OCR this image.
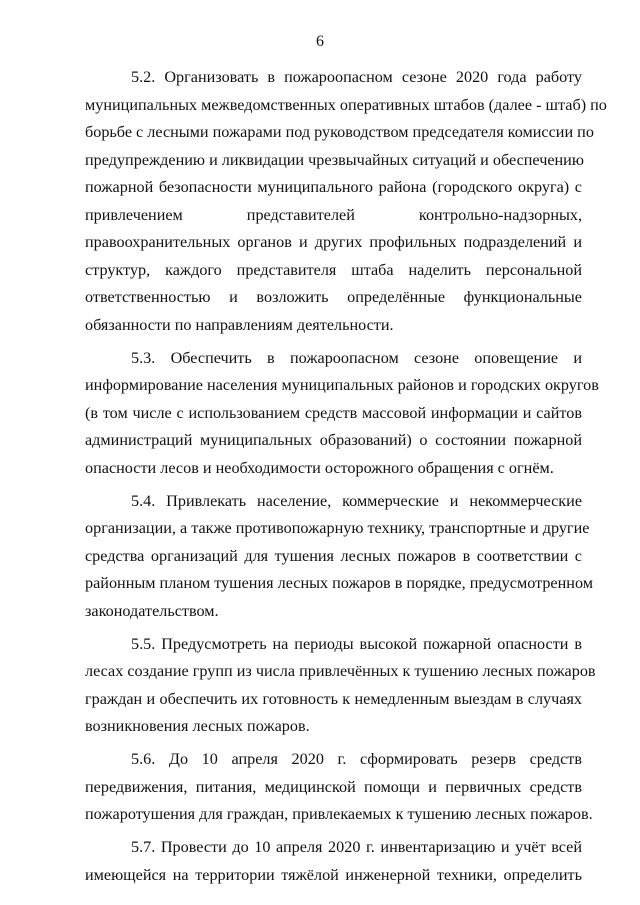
6
5.2. Организовать в пожароопасном сезоне 2020 года работу
муниципальных межведомственных оперативных штабов (далее - штаб) по
борьбе с лесными пожарами под руководством председателя комиссии по
предупреждению и ликвидации чрезвычайных ситуаций и обеспечению
пожарной безопасности муниципального района (городского округа) с
привлечением представителей контрольно-надзорных,
правоохранительных органов и других профильных подразделений и
структур, каждого представителя штаба наделить персональной
ответственностью и возложить определённые функциональные
обязанности по направлениям деятельности.
5.3. Обеспечить в пожароопасном сезоне оповещение и
информирование населения муниципальных районов и городских округов
(в том числе с использованием средств массовой информации и сайтов
администраций муниципальных образований) о состоянии пожарной
опасности лесов и необходимости осторожного обращения с огнём.
5.4. Привлекать население, коммерческие и некоммерческие
организации, а также противопожарную технику, транспортные и другие
средства организаций для тушения лесных пожаров в соответствии с
районным планом тушения лесных пожаров в порядке, предусмотренном
законодательством.
5.5. Предусмотреть на периоды высокой пожарной опасности в
лесах создание групп из числа привлечённых к тушению лесных пожаров
граждан и обеспечить их готовность к немедленным выездам в случаях
возникновения лесных пожаров.
5.6. До 10 апреля 2020 г. сформировать резерв средств
передвижения, питания, медицинской помощи и первичных средств
пожаротушения для граждан, привлекаемых к тушению лесных пожаров.
5.7. Провести до 10 апреля 2020 г. инвентаризацию и учёт всей
имеющейся на территории тяжёлой инженерной техники, определить
